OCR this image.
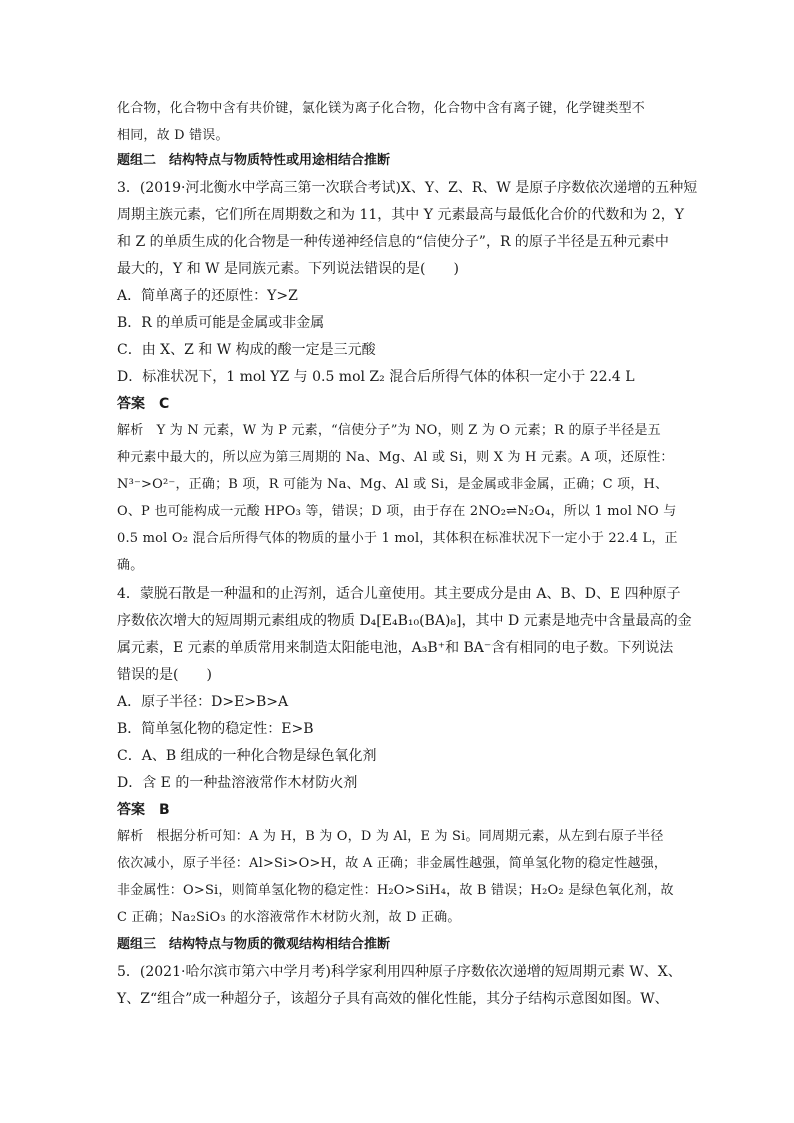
化合物，化合物中含有共价键，氯化镁为离子化合物，化合物中含有离子键，化学键类型不
相同，故 D 错误。
题组二　结构特点与物质特性或用途相结合推断
3．(2019·河北衡水中学高三第一次联合考试)X、Y、Z、R、W 是原子序数依次递增的五种短
周期主族元素，它们所在周期数之和为 11，其中 Y 元素最高与最低化合价的代数和为 2，Y
和 Z 的单质生成的化合物是一种传递神经信息的“信使分子”，R 的原子半径是五种元素中
最大的，Y 和 W 是同族元素。下列说法错误的是(　　)
A．简单离子的还原性：Y>Z
B．R 的单质可能是金属或非金属
C．由 X、Z 和 W 构成的酸一定是三元酸
D．标准状况下，1 mol YZ 与 0.5 mol Z₂ 混合后所得气体的体积一定小于 22.4 L
答案　C
解析　Y 为 N 元素，W 为 P 元素，“信使分子”为 NO，则 Z 为 O 元素；R 的原子半径是五
种元素中最大的，所以应为第三周期的 Na、Mg、Al 或 Si，则 X 为 H 元素。A 项，还原性：
N³⁻>O²⁻，正确；B 项，R 可能为 Na、Mg、Al 或 Si，是金属或非金属，正确；C 项，H、
O、P 也可能构成一元酸 HPO₃ 等，错误；D 项，由于存在 2NO₂⇌N₂O₄，所以 1 mol NO 与
0.5 mol O₂ 混合后所得气体的物质的量小于 1 mol，其体积在标准状况下一定小于 22.4 L，正
确。
4．蒙脱石散是一种温和的止泻剂，适合儿童使用。其主要成分是由 A、B、D、E 四种原子
序数依次增大的短周期元素组成的物质 D₄[E₄B₁₀(BA)₈]，其中 D 元素是地壳中含量最高的金
属元素，E 元素的单质常用来制造太阳能电池，A₃B⁺和 BA⁻含有相同的电子数。下列说法
错误的是(　　)
A．原子半径：D>E>B>A
B．简单氢化物的稳定性：E>B
C．A、B 组成的一种化合物是绿色氧化剂
D．含 E 的一种盐溶液常作木材防火剂
答案　B
解析　根据分析可知：A 为 H，B 为 O，D 为 Al，E 为 Si。同周期元素，从左到右原子半径
依次减小，原子半径：Al>Si>O>H，故 A 正确；非金属性越强，简单氢化物的稳定性越强，
非金属性：O>Si，则简单氢化物的稳定性：H₂O>SiH₄，故 B 错误；H₂O₂ 是绿色氧化剂，故
C 正确；Na₂SiO₃ 的水溶液常作木材防火剂，故 D 正确。
题组三　结构特点与物质的微观结构相结合推断
5．(2021·哈尔滨市第六中学月考)科学家利用四种原子序数依次递增的短周期元素 W、X、
Y、Z“组合”成一种超分子，该超分子具有高效的催化性能，其分子结构示意图如图。W、
